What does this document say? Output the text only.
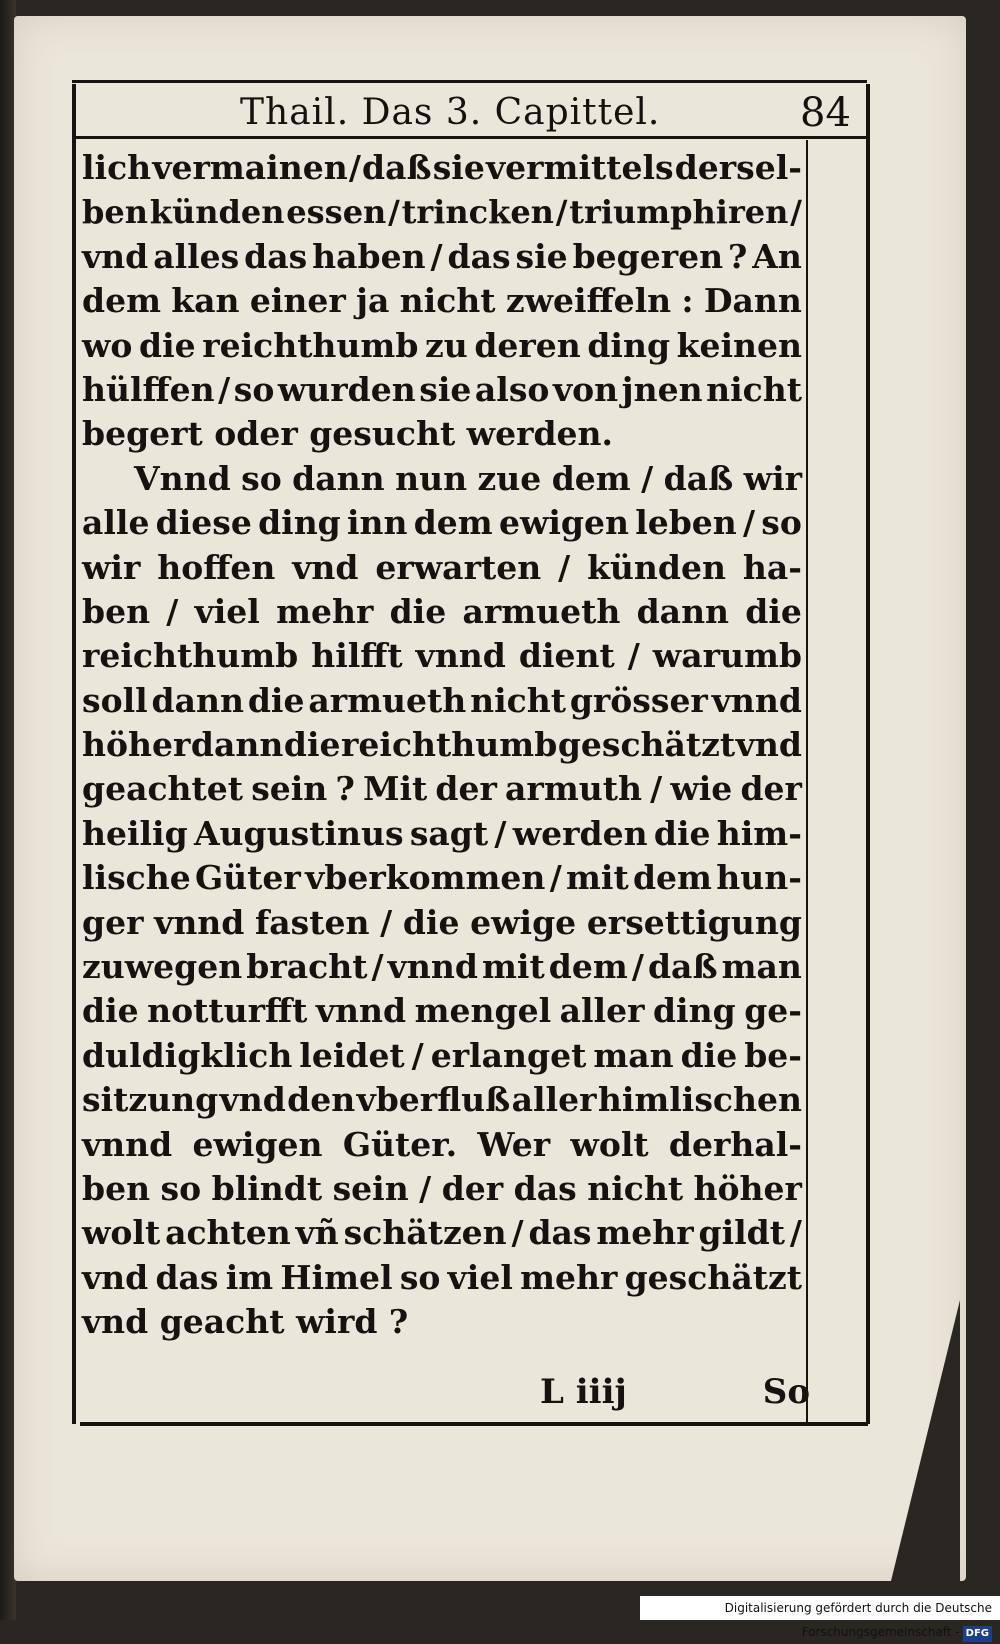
Thail. Das 3. Capittel.	84
lich vermainen / daß sie vermittels dersel-
ben künden essen / trincken / triumphiren /
vnd alles das haben / das sie begeren ? An
dem kan einer ja nicht zweiffeln : Dann
wo die reichthumb zu deren ding keinen
hülffen / so wurden sie also von jnen nicht
begert oder gesucht werden.
Vnnd so dann nun zue dem / daß wir
alle diese ding inn dem ewigen leben / so
wir hoffen vnd erwarten / künden ha-
ben / viel mehr die armueth dann die
reichthumb hilfft vnnd dient / warumb
soll dann die armueth nicht grösser vnnd
höher dann die reichthumb geschätzt vnd
geachtet sein ? Mit der armuth / wie der
heilig Augustinus sagt / werden die him-
lische Güter vberkommen / mit dem hun-
ger vnnd fasten / die ewige ersettigung
zuwegen bracht / vnnd mit dem / daß man
die notturfft vnnd mengel aller ding ge-
duldigklich leidet / erlanget man die be-
sitzung vnd den vberfluß aller himlischen
vnnd ewigen Güter. Wer wolt derhal-
ben so blindt sein / der das nicht höher
wolt achten vñ schätzen / das mehr gildt /
vnd das im Himel so viel mehr geschätzt
vnd geacht wird ?
L iiij	So
Digitalisierung gefördert durch die Deutsche Forschungsgemeinschaft - DFG
